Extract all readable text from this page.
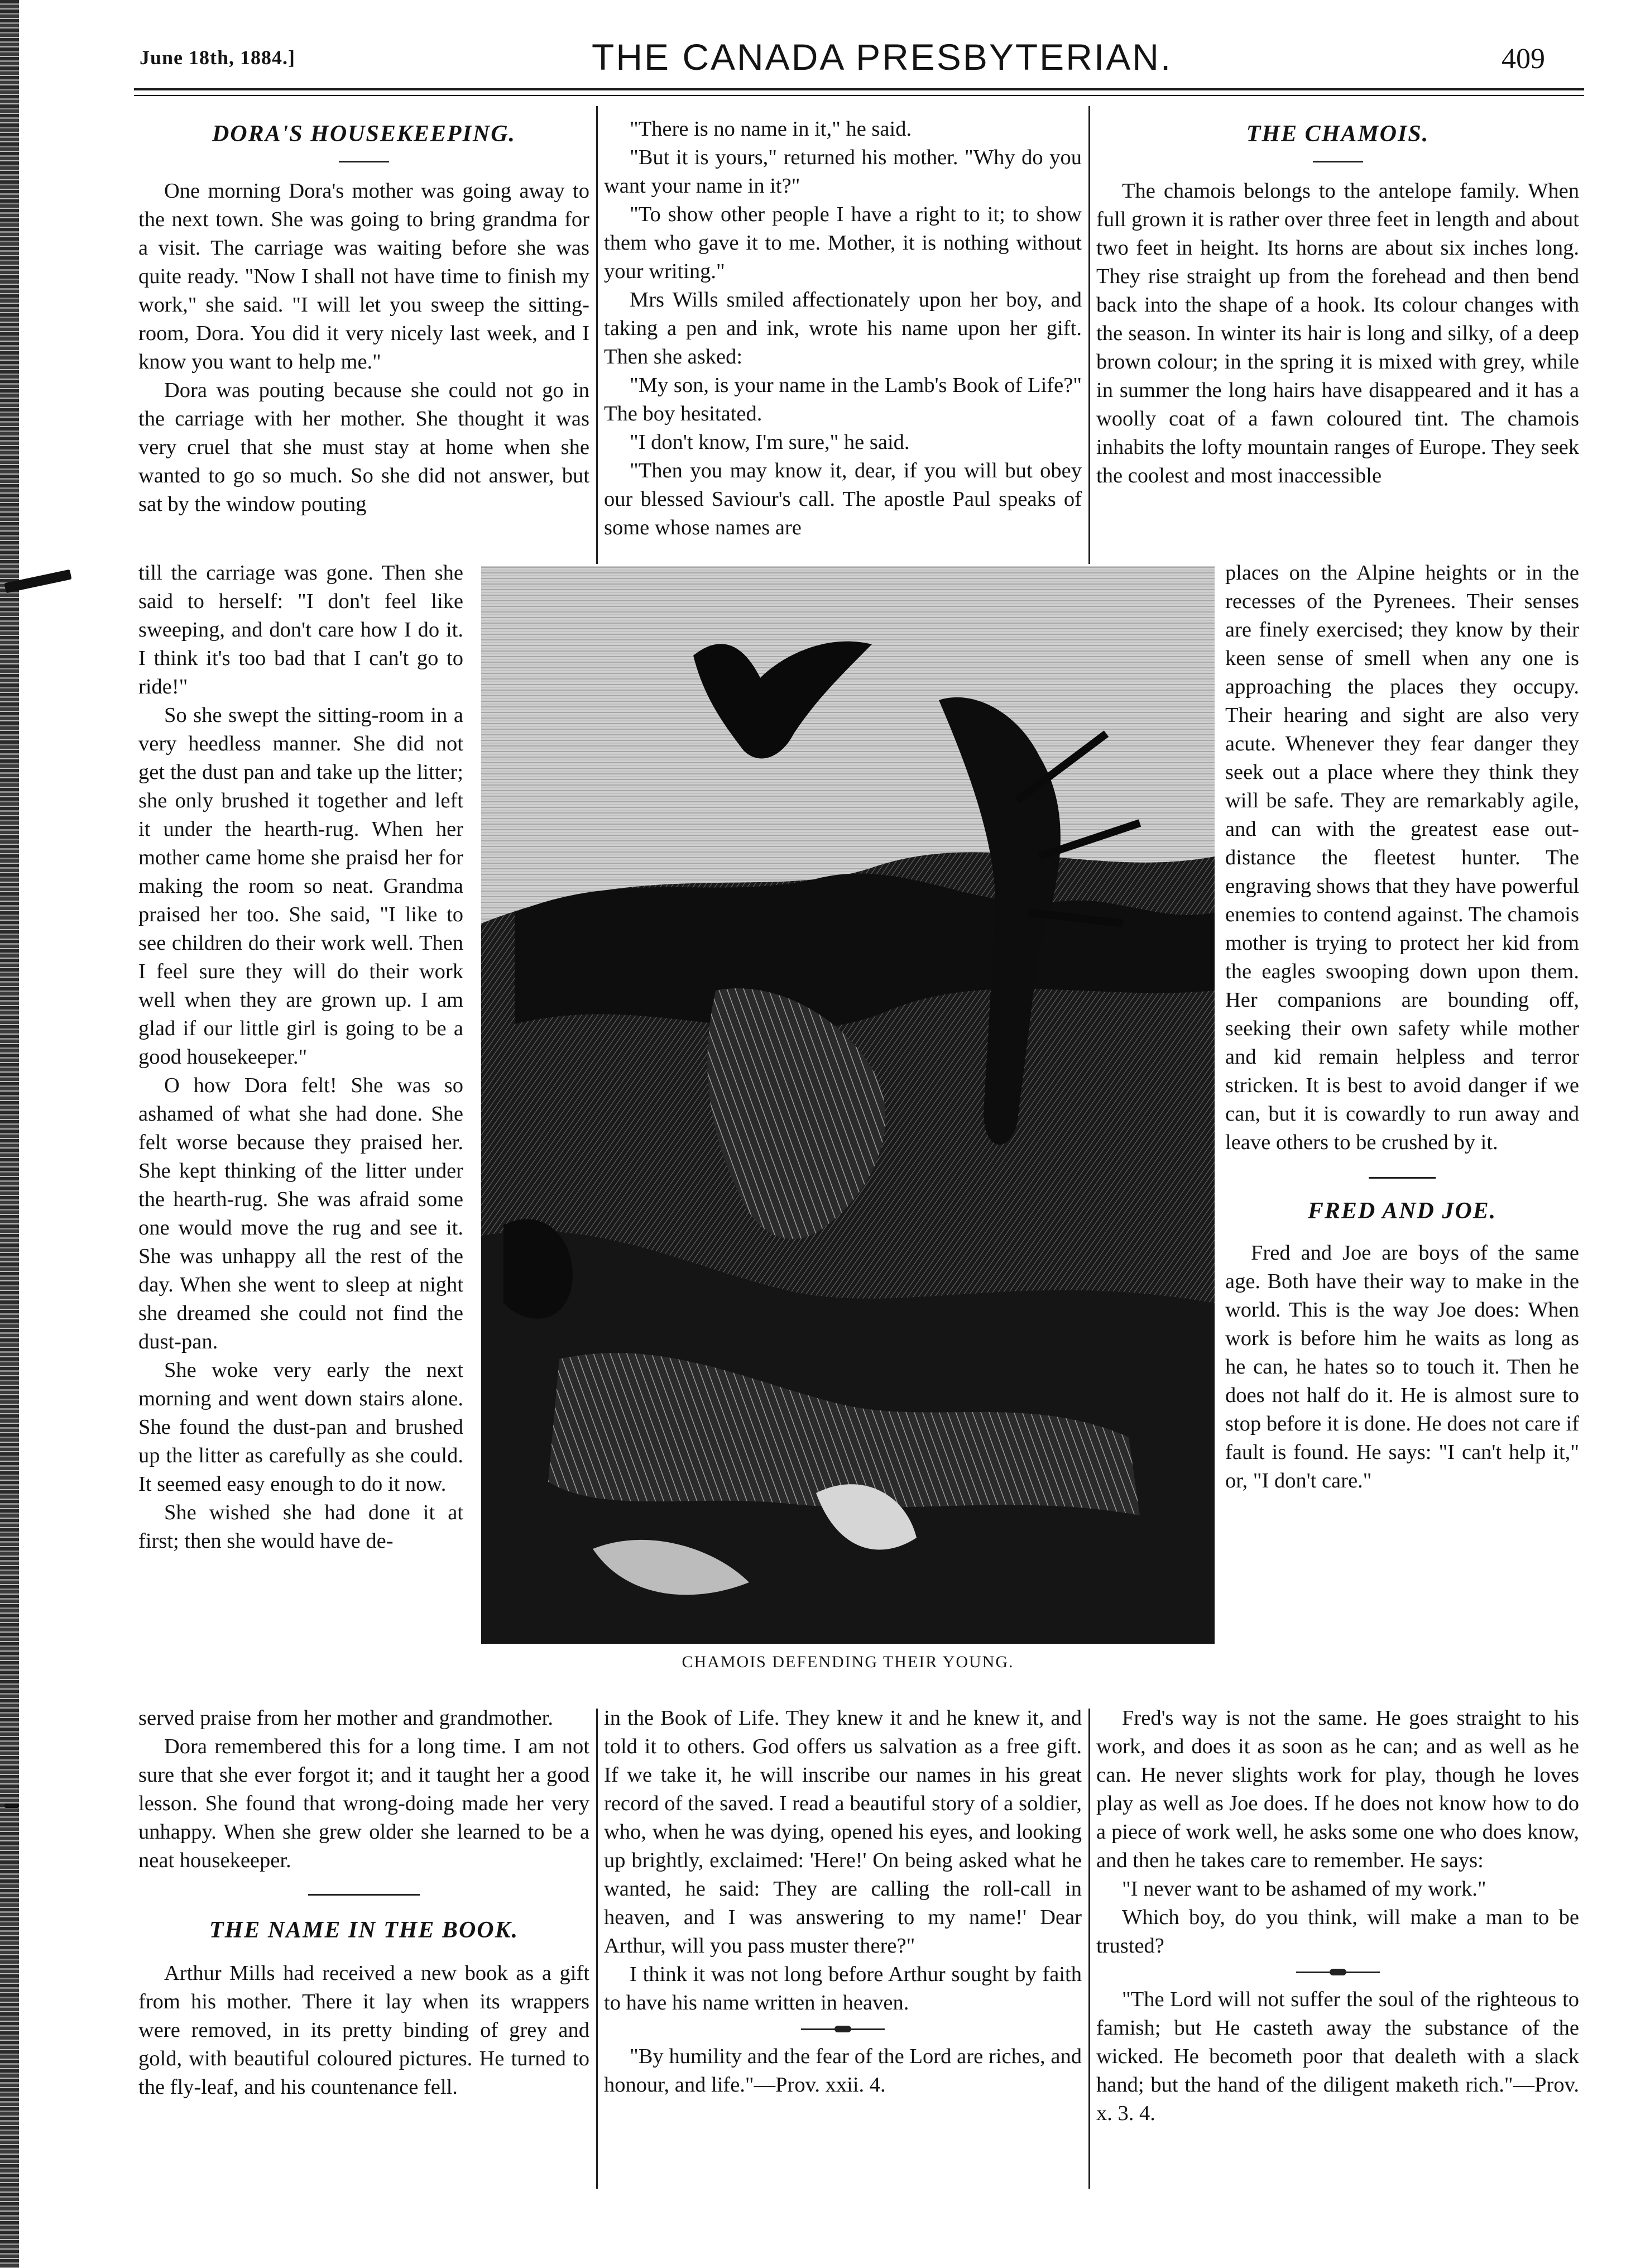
June 18th, 1884.]	THE CANADA PRESBYTERIAN.	409
DORA'S HOUSEKEEPING.

One morning Dora's mother was going away to the next town. She was going to bring grandma for a visit. The carriage was waiting before she was quite ready. "Now I shall not have time to finish my work," she said. "I will let you sweep the sitting-room, Dora. You did it very nicely last week, and I know you want to help me."

Dora was pouting because she could not go in the carriage with her mother. She thought it was very cruel that she must stay at home when she wanted to go so much. So she did not answer, but sat by the window pouting

till the carriage was gone. Then she said to herself: "I don't feel like sweeping, and don't care how I do it. I think it's too bad that I can't go to ride!"

So she swept the sitting-room in a very heedless manner. She did not get the dust pan and take up the litter; she only brushed it together and left it under the hearth-rug. When her mother came home she praisd her for making the room so neat. Grandma praised her too. She said, "I like to see children do their work well. Then I feel sure they will do their work well when they are grown up. I am glad if our little girl is going to be a good housekeeper."

O how Dora felt! She was so ashamed of what she had done. She felt worse because they praised her. She kept thinking of the litter under the hearth-rug. She was afraid some one would move the rug and see it. She was unhappy all the rest of the day. When she went to sleep at night she dreamed she could not find the dust-pan.

She woke very early the next morning and went down stairs alone. She found the dust-pan and brushed up the litter as carefully as she could. It seemed easy enough to do it now.

She wished she had done it at first; then she would have de-

served praise from her mother and grandmother.

Dora remembered this for a long time. I am not sure that she ever forgot it; and it taught her a good lesson. She found that wrong-doing made her very unhappy. When she grew older she learned to be a neat housekeeper.

THE NAME IN THE BOOK.

Arthur Mills had received a new book as a gift from his mother. There it lay when its wrappers were removed, in its pretty binding of grey and gold, with beautiful coloured pictures. He turned to the fly-leaf, and his countenance fell.

"There is no name in it," he said.

"But it is yours," returned his mother. "Why do you want your name in it?"

"To show other people I have a right to it; to show them who gave it to me. Mother, it is nothing without your writing."

Mrs Wills smiled affectionately upon her boy, and taking a pen and ink, wrote his name upon her gift. Then she asked:

"My son, is your name in the Lamb's Book of Life?" The boy hesitated.

"I don't know, I'm sure," he said.

"Then you may know it, dear, if you will but obey our blessed Saviour's call. The apostle Paul speaks of some whose names are

in the Book of Life. They knew it and he knew it, and told it to others. God offers us salvation as a free gift. If we take it, he will inscribe our names in his great record of the saved. I read a beautiful story of a soldier, who, when he was dying, opened his eyes, and looking up brightly, exclaimed: 'Here!' On being asked what he wanted, he said: They are calling the roll-call in heaven, and I was answering to my name!' Dear Arthur, will you pass muster there?"

I think it was not long before Arthur sought by faith to have his name written in heaven.

"By humility and the fear of the Lord are riches, and honour, and life."—Prov. xxii. 4.

THE CHAMOIS.

The chamois belongs to the antelope family. When full grown it is rather over three feet in length and about two feet in height. Its horns are about six inches long. They rise straight up from the forehead and then bend back into the shape of a hook. Its colour changes with the season. In winter its hair is long and silky, of a deep brown colour; in the spring it is mixed with grey, while in summer the long hairs have disappeared and it has a woolly coat of a fawn coloured tint. The chamois inhabits the lofty mountain ranges of Europe. They seek the coolest and most inaccessible

places on the Alpine heights or in the recesses of the Pyrenees. Their senses are finely exercised; they know by their keen sense of smell when any one is approaching the places they occupy. Their hearing and sight are also very acute. Whenever they fear danger they seek out a place where they think they will be safe. They are remarkably agile, and can with the greatest ease out-distance the fleetest hunter. The engraving shows that they have powerful enemies to contend against. The chamois mother is trying to protect her kid from the eagles swooping down upon them. Her companions are bounding off, seeking their own safety while mother and kid remain helpless and terror stricken. It is best to avoid danger if we can, but it is cowardly to run away and leave others to be crushed by it.

FRED AND JOE.

Fred and Joe are boys of the same age. Both have their way to make in the world. This is the way Joe does: When work is before him he waits as long as he can, he hates so to touch it. Then he does not half do it. He is almost sure to stop before it is done. He does not care if fault is found. He says: "I can't help it," or, "I don't care."

Fred's way is not the same. He goes straight to his work, and does it as soon as he can; and as well as he can. He never slights work for play, though he loves play as well as Joe does. If he does not know how to do a piece of work well, he asks some one who does know, and then he takes care to remember. He says:

"I never want to be ashamed of my work."

Which boy, do you think, will make a man to be trusted?

"The Lord will not suffer the soul of the righteous to famish; but He casteth away the substance of the wicked. He becometh poor that dealeth with a slack hand; but the hand of the diligent maketh rich."—Prov. x. 3. 4.

CHAMOIS DEFENDING THEIR YOUNG.
